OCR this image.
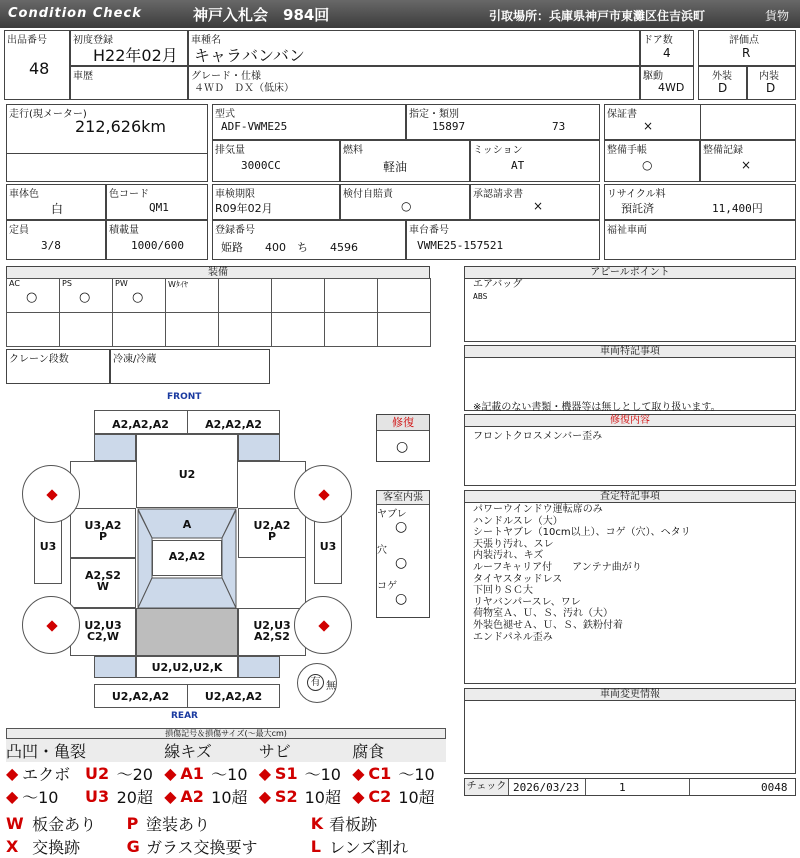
Condition Check	神戸入札会　984回	引取場所：兵庫県神戸市東灘区住吉浜町	貨物
出品番号
48
初度登録
H22年02月
車歴
車種名
キャラバンバン
グレード・仕様
４ＷＤ　ＤＸ（低床）
ドア数
4
駆動
4WD
評価点
R
外装
D
内装
D
走行(現メーター)
212,626km
型式
ADF-VWME25
指定・類別
15897	73
保証書
×
排気量
3000CC
燃料
軽油
ミッション
AT
整備手帳
○
整備記録
×
車体色
白
色コード
QM1
車検期限
R09年02月
検付自賠責
○
承認請求書
×
リサイクル料
預託済	11,400円
定員
3/8
積載量
1000/600
登録番号
姫路　　400　ち　　4596
車台番号
VWME25-157521
福祉車両
装備
AC
○
PS
○
PW
○
Wﾀｲﾔ
クレーン段数	冷凍/冷蔵
FRONT
REAR
A2,A2,A2	A2,A2,A2
U2
U3,A2
P
U2,A2
P
U3	U3
A
A2,A2
A2,S2
W
U2,U3
C2,W
U2,U3
A2,S2
U2,U2,U2,K
U2,A2,A2	U2,A2,A2
有 無
修復
○
客室内張
ヤブレ
○
穴
○
コゲ
○
アピールポイント
エアバッグ
ABS
車両特記事項
※記載のない書類・機器等は無しとして取り扱います。
修復内容
フロントクロスメンバー歪み
査定特記事項
パワーウインドウ運転席のみ
ハンドルスレ（大）
シートヤブレ（10cm以上）、コゲ（穴）、ヘタリ
天張り汚れ、スレ
内装汚れ、キズ
ルーフキャリア付　　アンテナ曲がり
タイヤスタッドレス
下回りＳＣ大
リヤバンパースレ、ワレ
荷物室Ａ、Ｕ、Ｓ、汚れ（大）
外装色褪せＡ、Ｕ、Ｓ、鉄粉付着
エンドパネル歪み
車両変更情報
チェック 2026/03/23	1	0048
損傷記号＆損傷サイズ(〜最大cm)
凸凹・亀裂				線キズ			サビ			腐食		
◆	エクボ	U2	〜20	◆	A1	〜10	◆	S1	〜10	◆	C1	〜10
◆	〜10	U3	20超	◆	A2	10超	◆	S2	10超	◆	C2	10超
W	板金あり	P	塗装あり	K	看板跡
X	交換跡	G	ガラス交換要す	L	レンズ割れ
